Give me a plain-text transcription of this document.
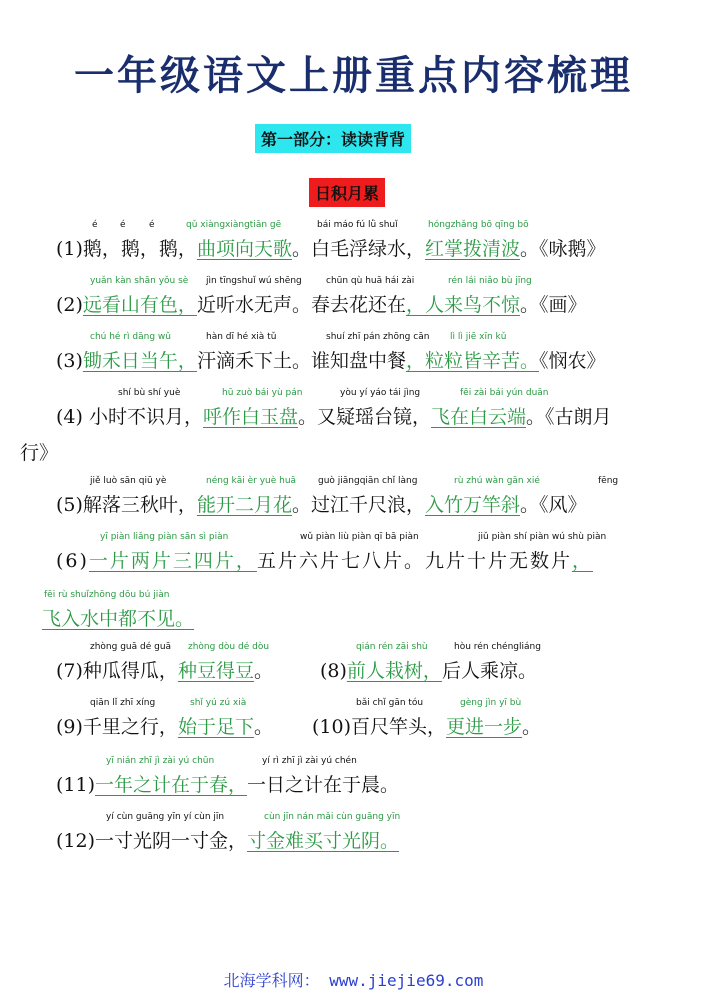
一年级语文上册重点内容梳理
第一部分：读读背背
日积月累
é é	é	qǔ xiàngxiàngtiān gē	bái máo fú lǜ shuǐ	hóngzhǎng bō qīng bō
(1)鹅，鹅，鹅，曲项向天歌。白毛浮绿水，红掌拨清波。《咏鹅》
yuǎn kàn shān yǒu sè jìn tīngshuǐ wú shēng	chūn qù huā hái zài	rén lái niǎo bù jīng
(2)远看山有色，近听水无声。春去花还在，人来鸟不惊。《画》
chú hé rì dāng wǔ	hàn dī hé xià tǔ	shuí zhī pán zhōng cān lì lì jiē xīn kǔ
(3)锄禾日当午，汗滴禾下土。谁知盘中餐，粒粒皆辛苦。《悯农》
shí bù shí yuè	hū zuò bái yù pán	yòu yí yáo tái jìng	fēi zài bái yún duān
(4) 小时不识月，呼作白玉盘。又疑瑶台镜，飞在白云端。《古朗月
行》
jiě luò sān qiū yè	néng kāi èr yuè huā guò jiāngqiān chǐ làng	rù zhú wàn gān xié	fēng
(5)解落三秋叶，能开二月花。过江千尺浪，入竹万竿斜。《风》
yī piàn liǎng piàn sān sì piàn	wǔ piàn liù piàn qī bā piàn	jiǔ piàn shí piàn wú shù piàn
(6)一片两片三四片，五片六片七八片。九片十片无数片，
fēi rù shuǐzhōng dōu bú jiàn
飞入水中都不见。
zhòng guā dé guā zhòng dòu dé dòu	qián rén zāi shù	hòu rén chéngliáng
(7)种瓜得瓜，种豆得豆。 (8)前人栽树，后人乘凉。
qiān lǐ zhī xíng	shǐ yú zú xià	bǎi chǐ gān tóu	gèng jìn yī bù
(9)千里之行，始于足下。 (10)百尺竿头，更进一步。
yī nián zhī jì zài yú chūn	yí rì zhī jì zài yú chén
(11)一年之计在于春，一日之计在于晨。
yí cùn guāng yīn yí cùn jīn	cùn jīn nán mǎi cùn guāng yīn
(12)一寸光阴一寸金，寸金难买寸光阴。
北海学科网： www.jiejie69.com
